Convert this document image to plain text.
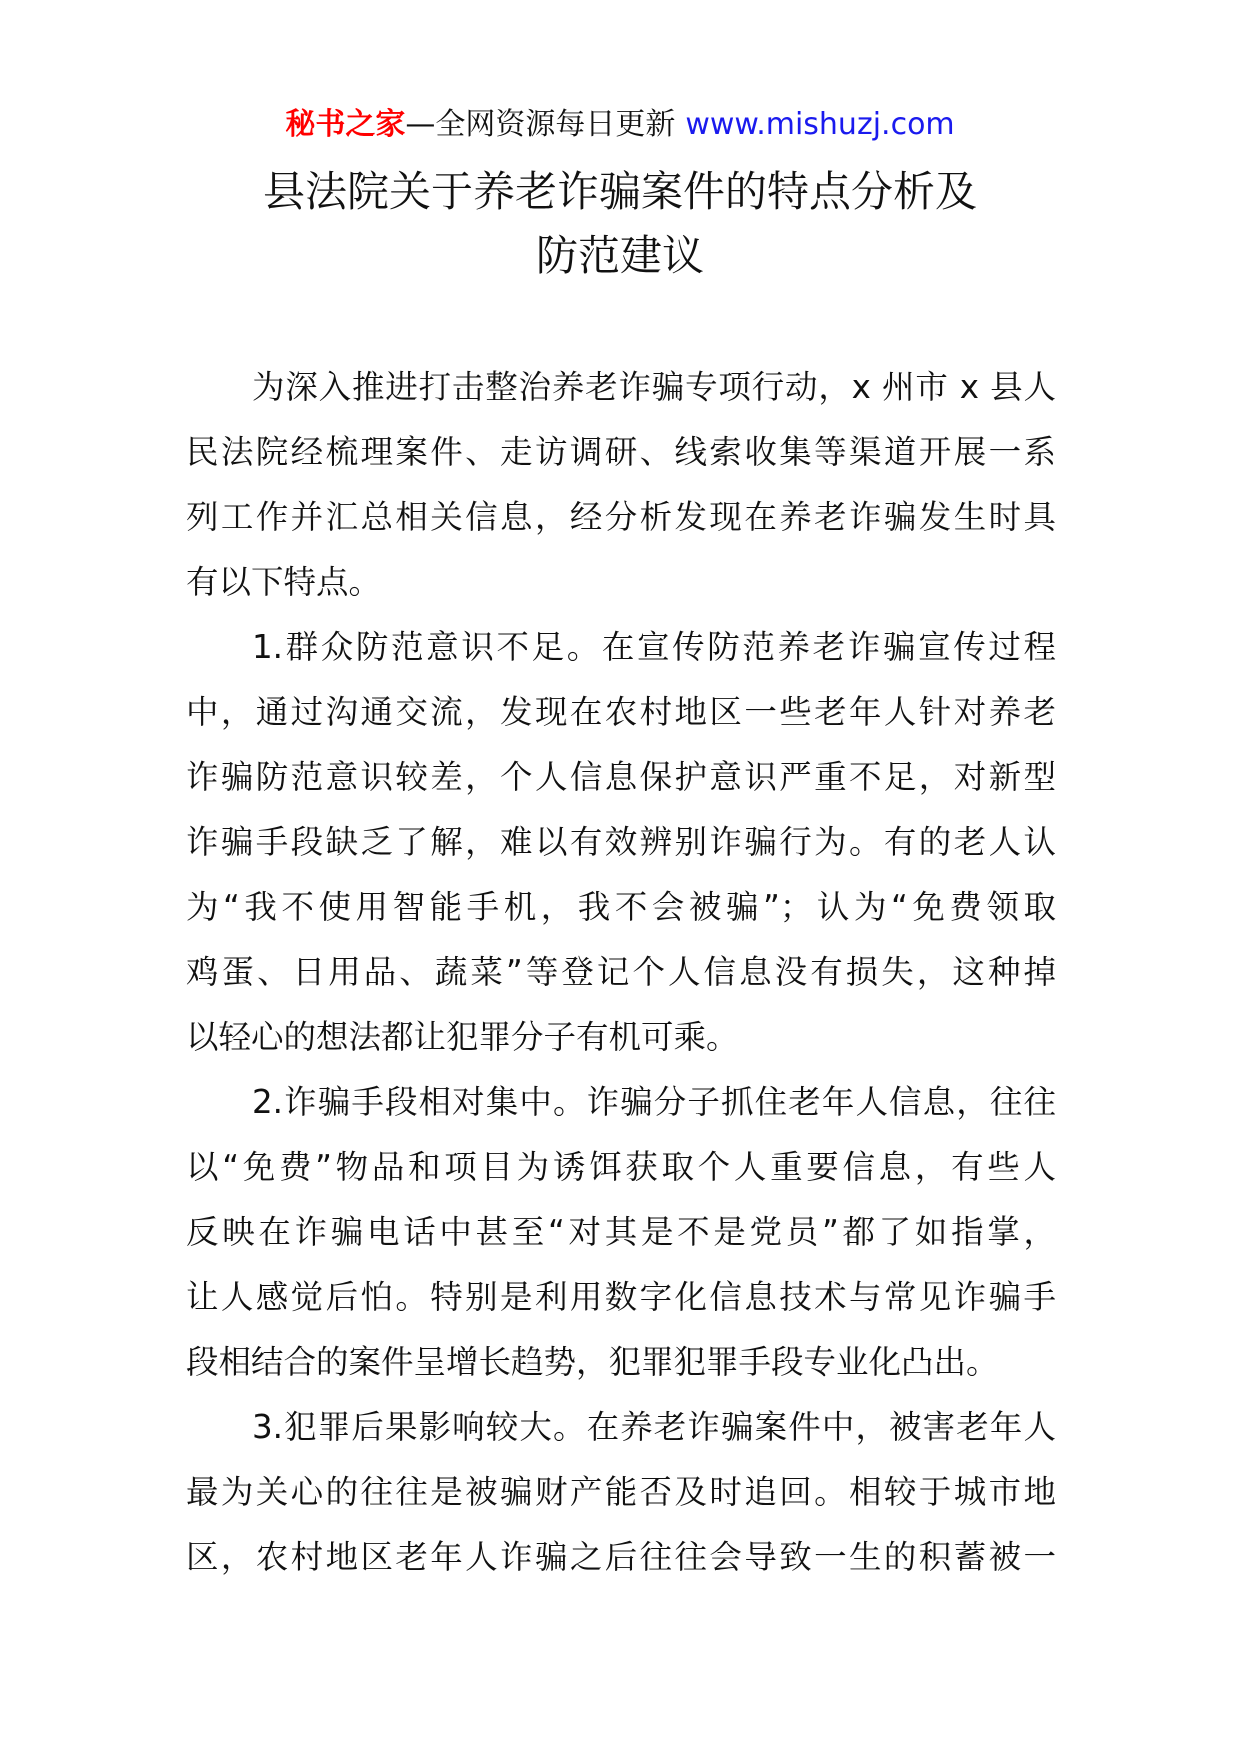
秘书之家—全网资源每日更新 www.mishuzj.com
县法院关于养老诈骗案件的特点分析及
防范建议

为深入推进打击整治养老诈骗专项行动，x 州市 x 县人
民法院经梳理案件、走访调研、线索收集等渠道开展一系
列工作并汇总相关信息，经分析发现在养老诈骗发生时具
有以下特点。

1.群众防范意识不足。在宣传防范养老诈骗宣传过程
中，通过沟通交流，发现在农村地区一些老年人针对养老
诈骗防范意识较差，个人信息保护意识严重不足，对新型
诈骗手段缺乏了解，难以有效辨别诈骗行为。有的老人认
为“我不使用智能手机，我不会被骗”；认为“免费领取
鸡蛋、日用品、蔬菜”等登记个人信息没有损失，这种掉
以轻心的想法都让犯罪分子有机可乘。

2.诈骗手段相对集中。诈骗分子抓住老年人信息，往往
以“免费”物品和项目为诱饵获取个人重要信息，有些人
反映在诈骗电话中甚至“对其是不是党员”都了如指掌，
让人感觉后怕。特别是利用数字化信息技术与常见诈骗手
段相结合的案件呈增长趋势，犯罪犯罪手段专业化凸出。

3.犯罪后果影响较大。在养老诈骗案件中，被害老年人
最为关心的往往是被骗财产能否及时追回。相较于城市地
区，农村地区老年人诈骗之后往往会导致一生的积蓄被一
